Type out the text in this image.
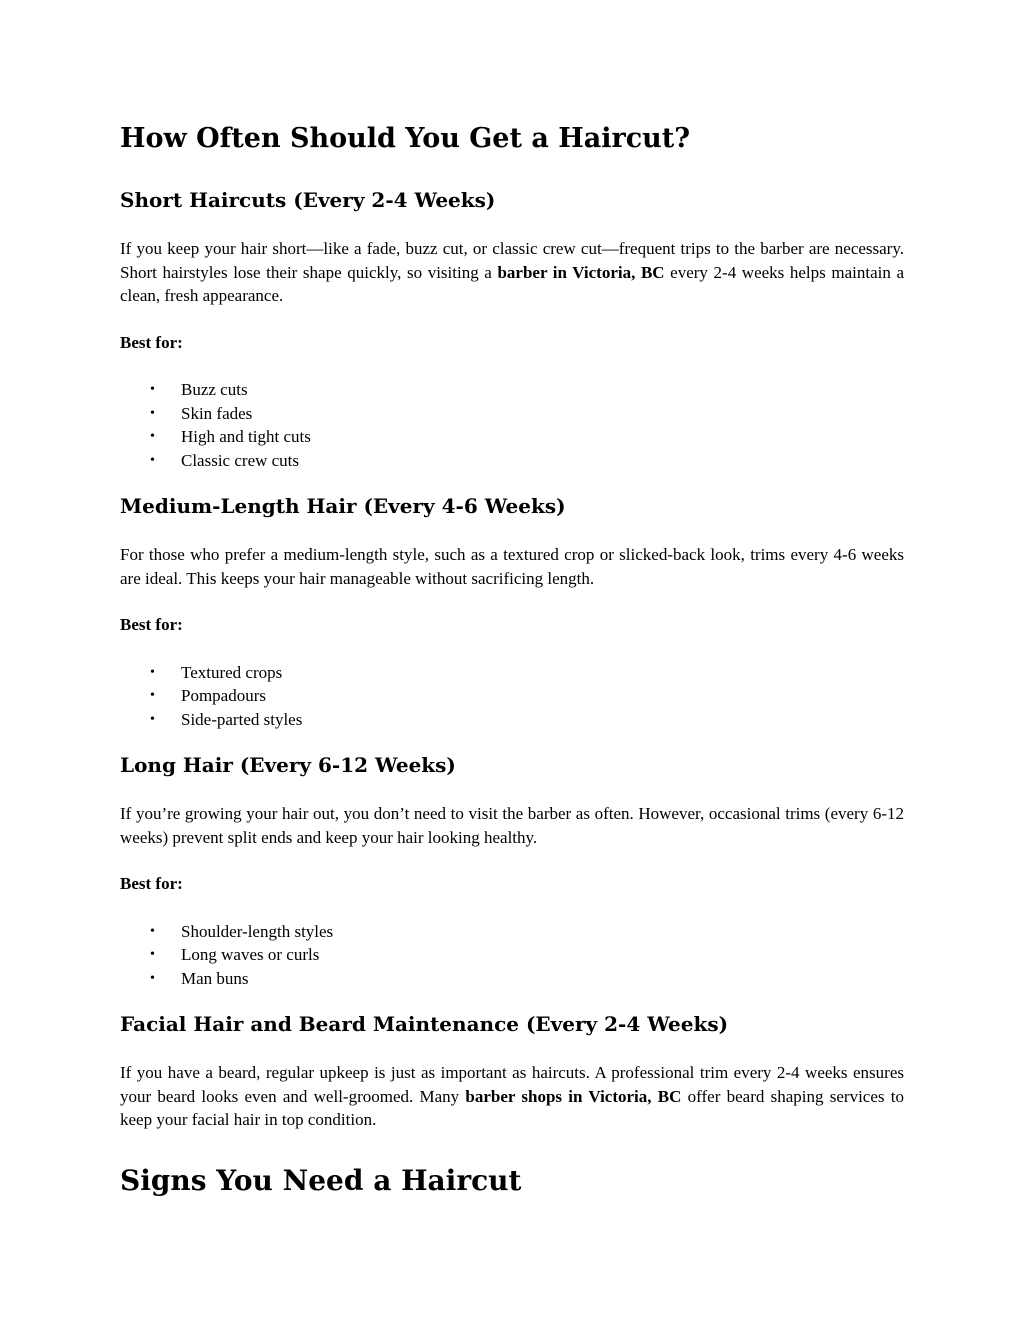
How Often Should You Get a Haircut?
Short Haircuts (Every 2-4 Weeks)

If you keep your hair short—like a fade, buzz cut, or classic crew cut—frequent trips to the barber are necessary. Short hairstyles lose their shape quickly, so visiting a barber in Victoria, BC every 2-4 weeks helps maintain a clean, fresh appearance.

Best for:

• Buzz cuts
• Skin fades
• High and tight cuts
• Classic crew cuts
Medium-Length Hair (Every 4-6 Weeks)

For those who prefer a medium-length style, such as a textured crop or slicked-back look, trims every 4-6 weeks are ideal. This keeps your hair manageable without sacrificing length.

Best for:

• Textured crops
• Pompadours
• Side-parted styles
Long Hair (Every 6-12 Weeks)

If you’re growing your hair out, you don’t need to visit the barber as often. However, occasional trims (every 6-12 weeks) prevent split ends and keep your hair looking healthy.

Best for:

• Shoulder-length styles
• Long waves or curls
• Man buns
Facial Hair and Beard Maintenance (Every 2-4 Weeks)

If you have a beard, regular upkeep is just as important as haircuts. A professional trim every 2-4 weeks ensures your beard looks even and well-groomed. Many barber shops in Victoria, BC offer beard shaping services to keep your facial hair in top condition.

Signs You Need a Haircut
